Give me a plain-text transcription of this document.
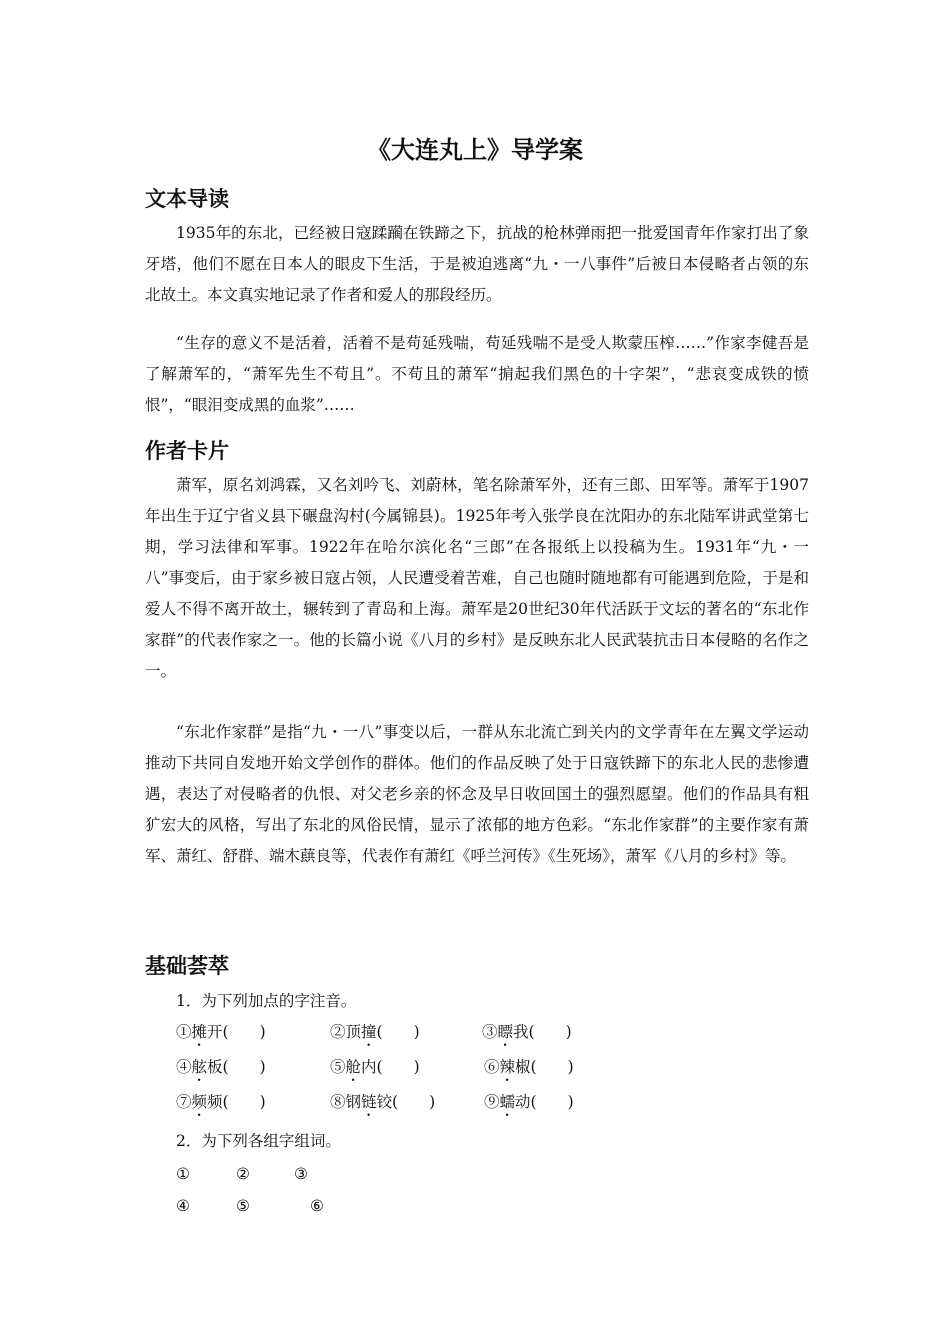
《大连丸上》导学案
文本导读

1935年的东北，已经被日寇蹂躏在铁蹄之下，抗战的枪林弹雨把一批爱国青年作家打出了象牙塔，他们不愿在日本人的眼皮下生活，于是被迫逃离“九・一八事件”后被日本侵略者占领的东北故土。本文真实地记录了作者和爱人的那段经历。

“生存的意义不是活着，活着不是苟延残喘，苟延残喘不是受人欺蒙压榨……”作家李健吾是了解萧军的，“萧军先生不苟且”。不苟且的萧军“掮起我们黑色的十字架”，“悲哀变成铁的愤恨”，“眼泪变成黑的血浆”……

作者卡片

萧军，原名刘鸿霖，又名刘吟飞、刘蔚林，笔名除萧军外，还有三郎、田军等。萧军于1907年出生于辽宁省义县下碾盘沟村(今属锦县)。1925年考入张学良在沈阳办的东北陆军讲武堂第七期，学习法律和军事。1922年在哈尔滨化名“三郎”在各报纸上以投稿为生。1931年“九・一八”事变后，由于家乡被日寇占领，人民遭受着苦难，自己也随时随地都有可能遇到危险，于是和爱人不得不离开故土，辗转到了青岛和上海。萧军是20世纪30年代活跃于文坛的著名的“东北作家群”的代表作家之一。他的长篇小说《八月的乡村》是反映东北人民武装抗击日本侵略的名作之一。

“东北作家群”是指“九・一八”事变以后，一群从东北流亡到关内的文学青年在左翼文学运动推动下共同自发地开始文学创作的群体。他们的作品反映了处于日寇铁蹄下的东北人民的悲惨遭遇，表达了对侵略者的仇恨、对父老乡亲的怀念及早日收回国土的强烈愿望。他们的作品具有粗犷宏大的风格，写出了东北的风俗民情，显示了浓郁的地方色彩。“东北作家群”的主要作家有萧军、萧红、舒群、端木蕻良等，代表作有萧红《呼兰河传》《生死场》，萧军《八月的乡村》等。

基础荟萃
1．为下列加点的字注音。
①摊开(　　)	②顶撞(　　)	③瞟我(　　)
④舷板(　　)	⑤舱内(　　)	⑥辣椒(　　)
⑦频频(　　)	⑧钢链铰(　　)	⑨蠕动(　　)
2．为下列各组字组词。
①	②	③
④	⑤	⑥
